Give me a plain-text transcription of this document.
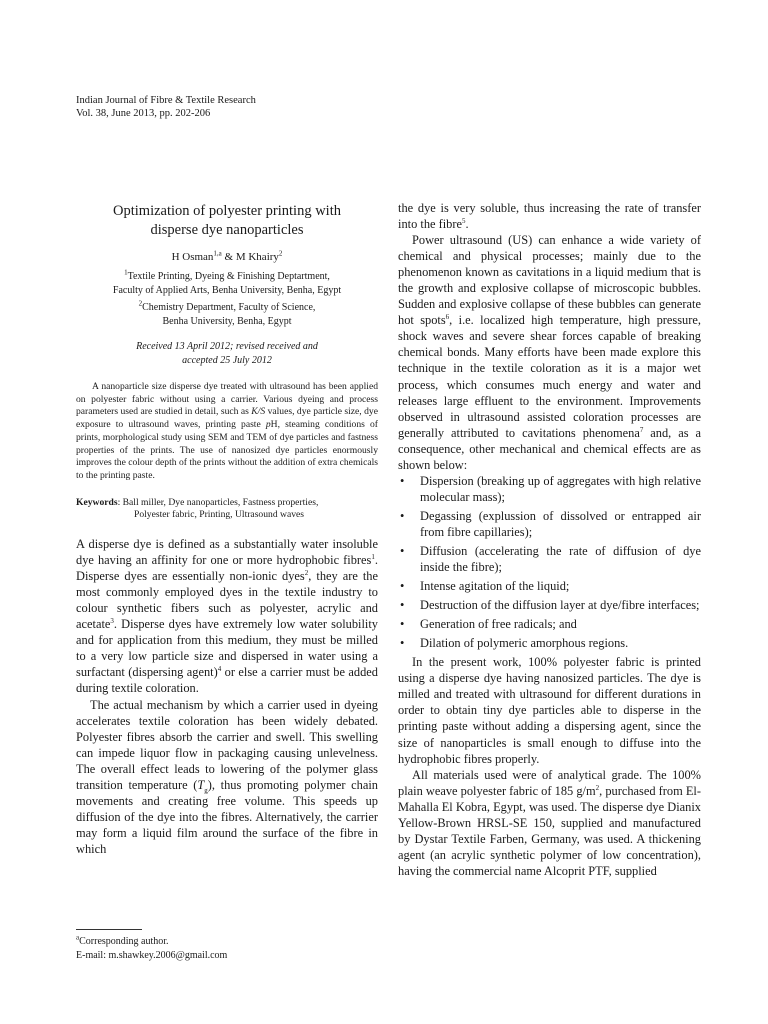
Indian Journal of Fibre & Textile Research
Vol. 38, June 2013, pp. 202-206
Optimization of polyester printing with
disperse dye nanoparticles
H Osman$^{1,a}$ & M Khairy$^2$
$^1$Textile Printing, Dyeing & Finishing Deptartment,
Faculty of Applied Arts, Benha University, Benha, Egypt
$^2$Chemistry Department, Faculty of Science,
Benha University, Benha, Egypt
Received 13 April 2012; revised received and
accepted 25 July 2012

A nanoparticle size disperse dye treated with ultrasound has been applied on polyester fabric without using a carrier. Various dyeing and process parameters used are studied in detail, such as K/S values, dye particle size, dye exposure to ultrasound waves, printing paste pH, steaming conditions of prints, morphological study using SEM and TEM of dye particles and fastness properties of the prints. The use of nanosized dye particles enormously improves the colour depth of the prints without the addition of extra chemicals to the printing paste.

Keywords: Ball miller, Dye nanoparticles, Fastness properties,
Polyester fabric, Printing, Ultrasound waves

A disperse dye is defined as a substantially water insoluble dye having an affinity for one or more hydrophobic fibres$^1$. Disperse dyes are essentially non-ionic dyes$^2$, they are the most commonly employed dyes in the textile industry to colour synthetic fibers such as polyester, acrylic and acetate$^3$. Disperse dyes have extremely low water solubility and for application from this medium, they must be milled to a very low particle size and dispersed in water using a surfactant (dispersing agent)$^4$ or else a carrier must be added during textile coloration.

The actual mechanism by which a carrier used in dyeing accelerates textile coloration has been widely debated. Polyester fibres absorb the carrier and swell. This swelling can impede liquor flow in packaging causing unlevelness. The overall effect leads to lowering of the polymer glass transition temperature $(T_g)$, thus promoting polymer chain movements and creating free volume. This speeds up diffusion of the dye into the fibres. Alternatively, the carrier may form a liquid film around the surface of the fibre in which

the dye is very soluble, thus increasing the rate of transfer into the fibre$^5$.

Power ultrasound (US) can enhance a wide variety of chemical and physical processes; mainly due to the phenomenon known as cavitations in a liquid medium that is the growth and explosive collapse of microscopic bubbles. Sudden and explosive collapse of these bubbles can generate hot spots$^6$, i.e. localized high temperature, high pressure, shock waves and severe shear forces capable of breaking chemical bonds. Many efforts have been made explore this technique in the textile coloration as it is a major wet process, which consumes much energy and water and releases large effluent to the environment. Improvements observed in ultrasound assisted coloration processes are generally attributed to cavitations phenomena$^7$ and, as a consequence, other mechanical and chemical effects are as shown below:

• Dispersion (breaking up of aggregates with high relative molecular mass);
• Degassing (explussion of dissolved or entrapped air from fibre capillaries);
• Diffusion (accelerating the rate of diffusion of dye inside the fibre);
• Intense agitation of the liquid;
• Destruction of the diffusion layer at dye/fibre interfaces;
• Generation of free radicals; and
• Dilation of polymeric amorphous regions.

In the present work, 100% polyester fabric is printed using a disperse dye having nanosized particles. The dye is milled and treated with ultrasound for different durations in order to obtain tiny dye particles able to disperse in the printing paste without adding a dispersing agent, since the size of nanoparticles is small enough to diffuse into the hydrophobic fibres properly.

All materials used were of analytical grade. The 100% plain weave polyester fabric of 185 $g/m^2$, purchased from El-Mahalla El Kobra, Egypt, was used. The disperse dye Dianix Yellow-Brown HRSL-SE 150, supplied and manufactured by Dystar Textile Farben, Germany, was used. A thickening agent (an acrylic synthetic polymer of low concentration), having the commercial name Alcoprit PTF, supplied

$^a$Corresponding author.
E-mail: m.shawkey.2006@gmail.com
